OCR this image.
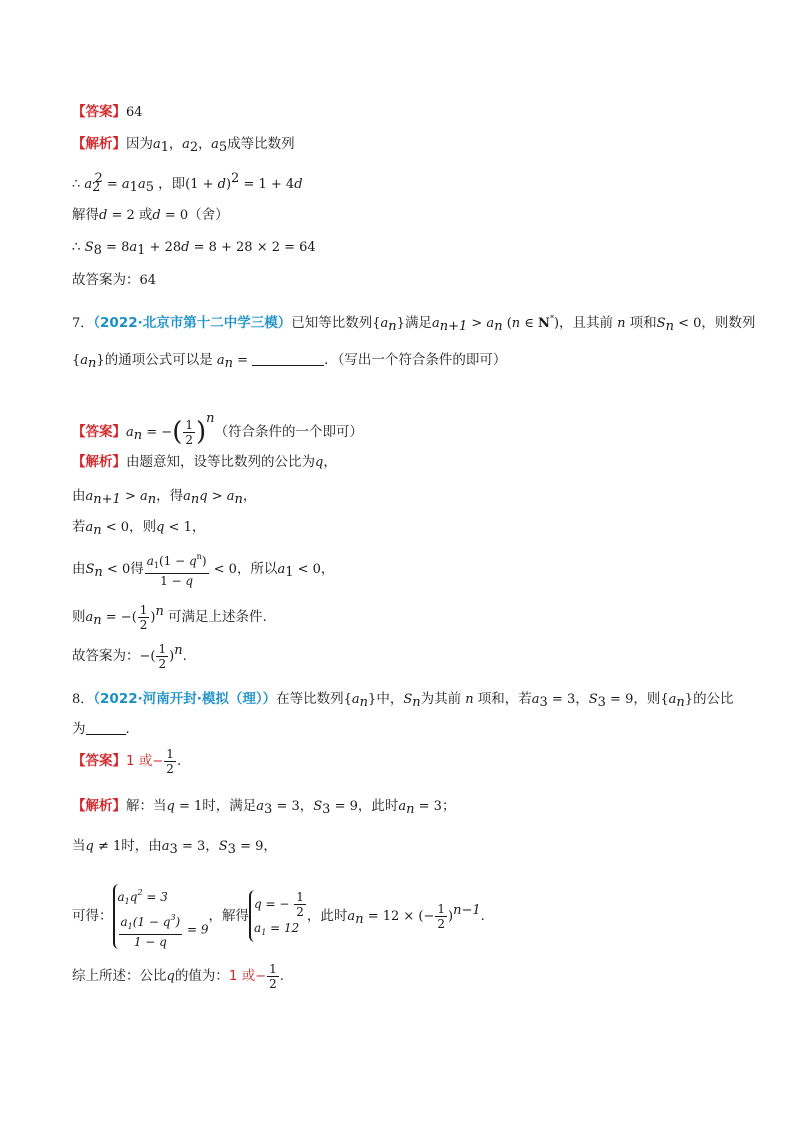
【答案】64
【解析】因为$a_1$，$a_2$，$a_5$成等比数列
∴ $a_2^2 = a_1a_5$ ，即$(1 + d)^2 = 1 + 4d$
解得d = 2 或d = 0（舍）
∴ $S_8 = 8a_1 + 28d = 8 + 28 \times 2 = 64$
故答案为：64
7．（2022·北京市第十二中学三模）已知等比数列$\{a_n\}$满足$a_{n+1} > a_n$ (n ∈ N*)，且其前 n 项和$S_n < 0$，则数列
$\{a_n\}$的通项公式可以是 $a_n$ =	．（写出一个符合条件的即可）
【答案】$a_n$ = −( $\frac{1}{2} )^n$（符合条件的一个即可）
【解析】由题意知，设等比数列的公比为q，
由$a_{n+1} > a_n$，得$a_nq > a_n$，
若$a_n < 0$，则q < 1，
由$S_n < 0$得 $\frac{a_1(1 - q^n)}{1 - q} < 0$，所以$a_1 < 0$，
则$a_n$ = −( $\frac{1}{2} )^n$ 可满足上述条件.
故答案为：−( $\frac{1}{2} )^n$.
8．（2022·河南开封·模拟（理））在等比数列$\{a_n\}$中，$S_n$为其前 n 项和，若$a_3 = 3$，$S_3 = 9$，则$\{a_n\}$的公比
为	．
【答案】1 或− $\frac{1}{2}$ .
【解析】解：当q = 1时，满足$a_3 = 3$，$S_3 = 9$，此时$a_n = 3$；
当q ≠ 1时，由$a_3 = 3$，$S_3 = 9$，
可得：
$a_1q^2 = 3$
$\frac{a_1(1 - q^3)}{1 - q} = 9$
，解得
q = − $\frac{1}{2}$
$a_1 = 12$
，此时$a_n = 12$ × (− $\frac{1}{2} )^{n-1}$.
综上所述：公比q的值为：1 或− $\frac{1}{2}$ .
